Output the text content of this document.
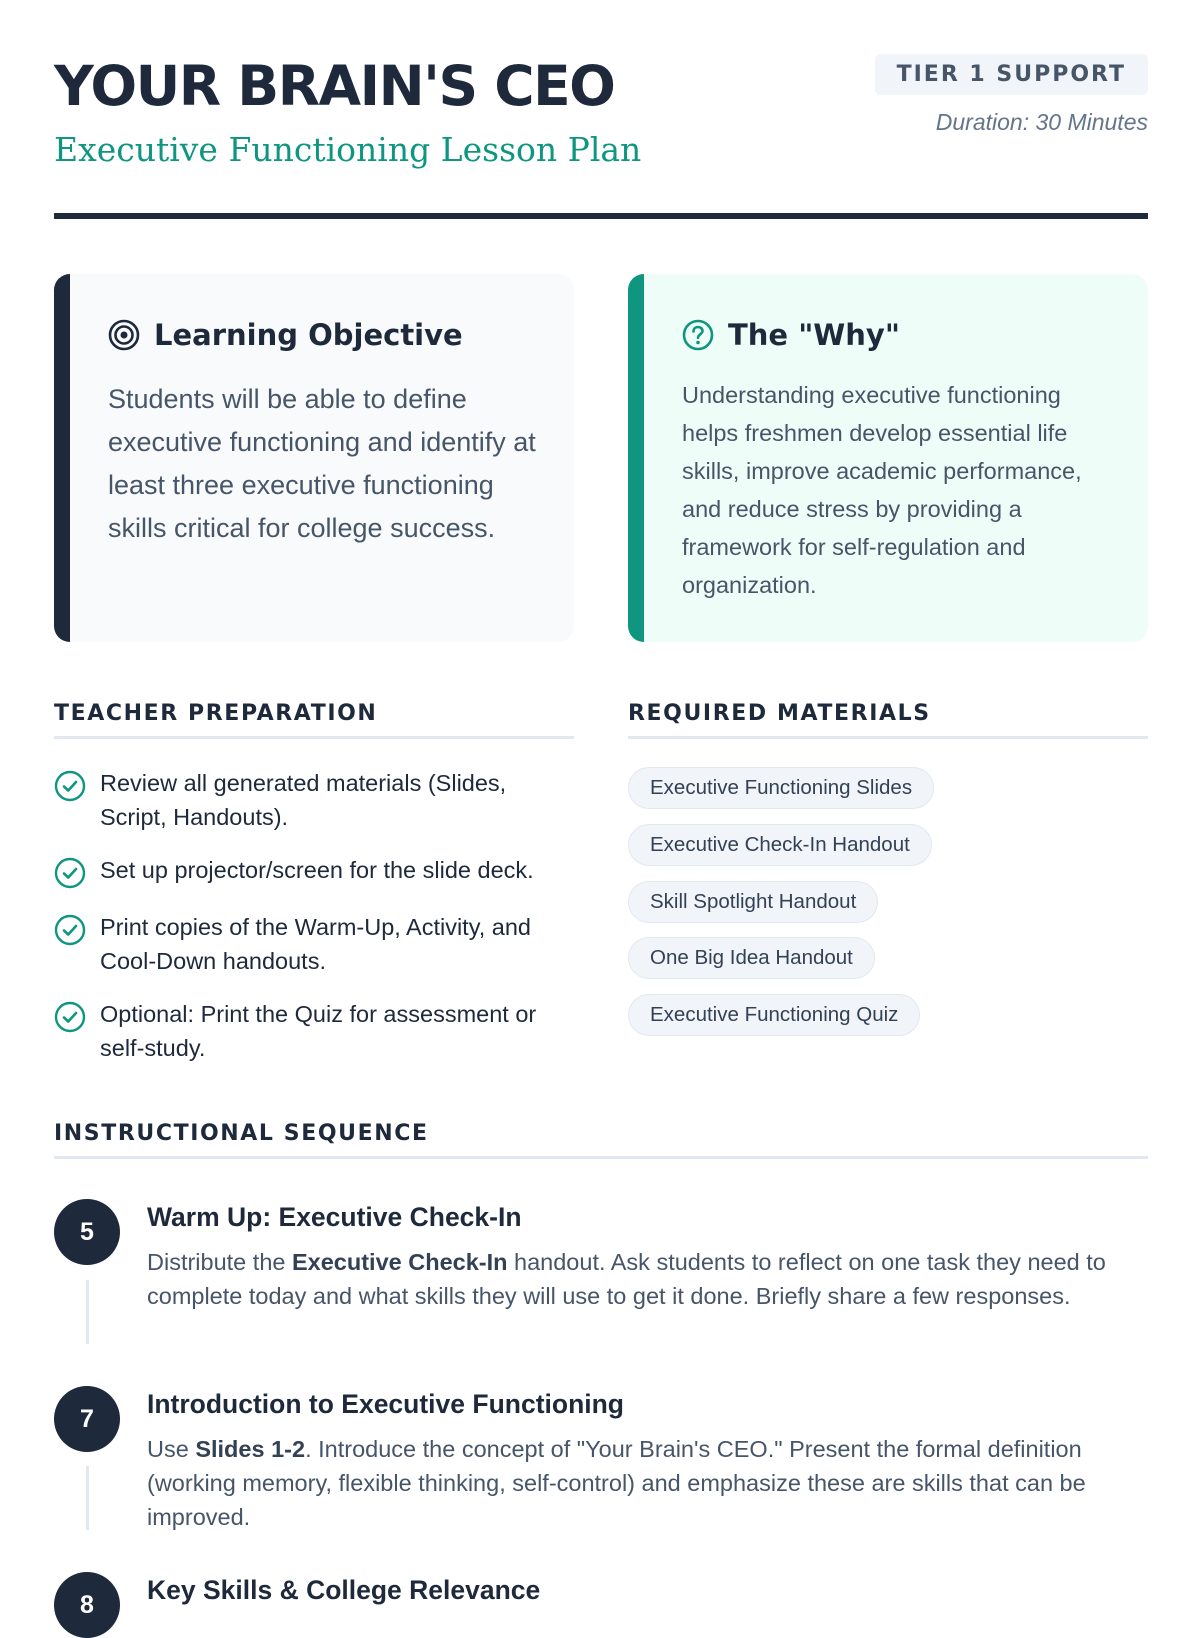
YOUR BRAIN'S CEO
Executive Functioning Lesson Plan
TIER 1 SUPPORT
Duration: 30 Minutes
Learning Objective
Students will be able to define executive functioning and identify at least three executive functioning skills critical for college success.
The "Why"
Understanding executive functioning helps freshmen develop essential life skills, improve academic performance, and reduce stress by providing a framework for self-regulation and organization.
TEACHER PREPARATION
Review all generated materials (Slides, Script, Handouts).
Set up projector/screen for the slide deck.
Print copies of the Warm-Up, Activity, and Cool-Down handouts.
Optional: Print the Quiz for assessment or self-study.
REQUIRED MATERIALS
Executive Functioning Slides
Executive Check-In Handout
Skill Spotlight Handout
One Big Idea Handout
Executive Functioning Quiz
INSTRUCTIONAL SEQUENCE
5	Warm Up: Executive Check-In
Distribute the Executive Check-In handout. Ask students to reflect on one task they need to complete today and what skills they will use to get it done. Briefly share a few responses.
7	Introduction to Executive Functioning
Use Slides 1-2. Introduce the concept of "Your Brain's CEO." Present the formal definition (working memory, flexible thinking, self-control) and emphasize these are skills that can be improved.
8	Key Skills & College Relevance
